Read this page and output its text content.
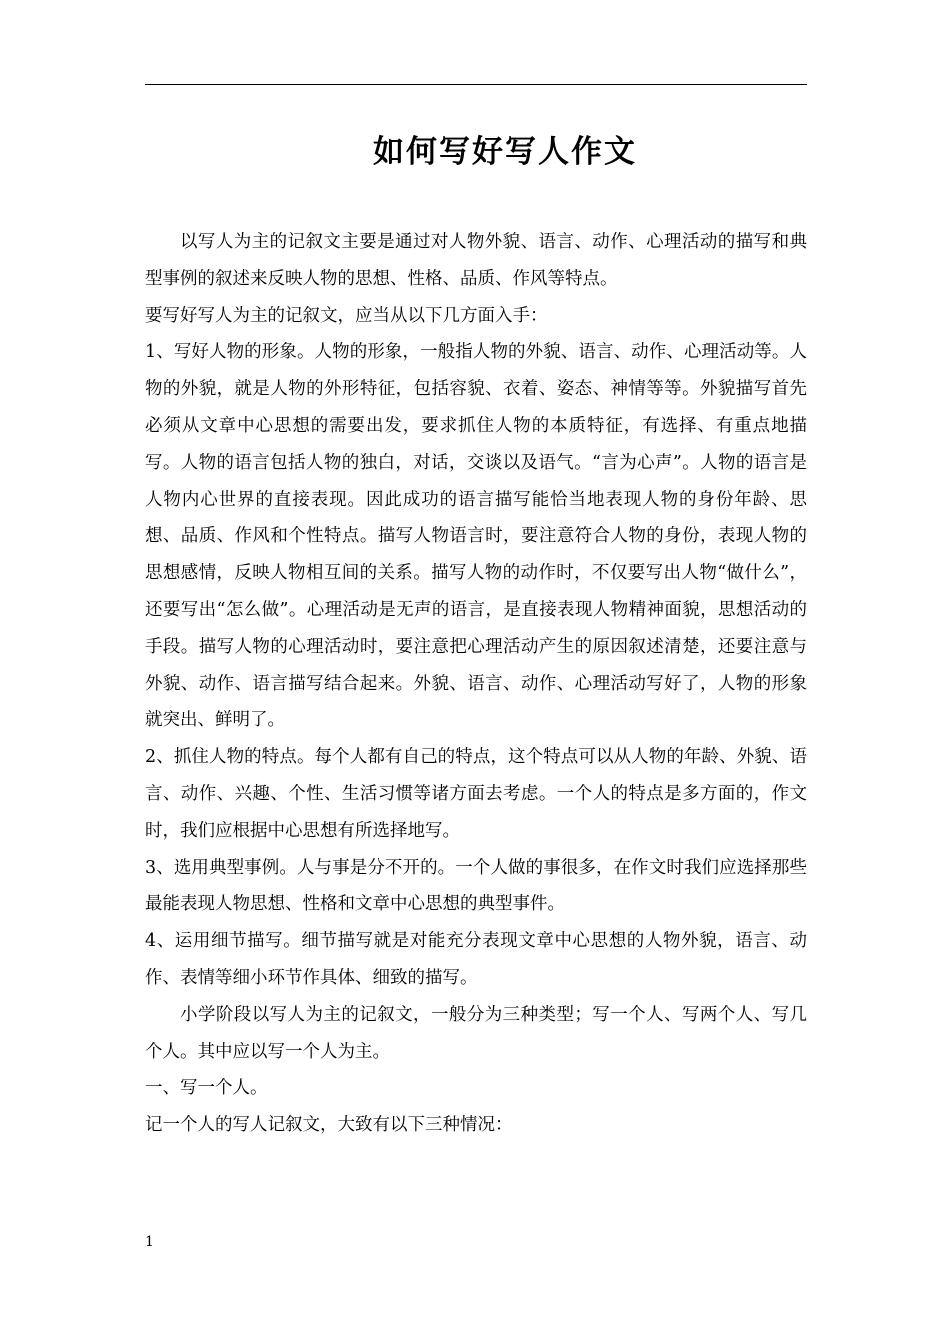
如何写好写人作文

以写人为主的记叙文主要是通过对人物外貌、语言、动作、心理活动的描写和典型事例的叙述来反映人物的思想、性格、品质、作风等特点。

要写好写人为主的记叙文，应当从以下几方面入手：

1、写好人物的形象。人物的形象，一般指人物的外貌、语言、动作、心理活动等。人物的外貌，就是人物的外形特征，包括容貌、衣着、姿态、神情等等。外貌描写首先必须从文章中心思想的需要出发，要求抓住人物的本质特征，有选择、有重点地描写。人物的语言包括人物的独白，对话，交谈以及语气。“言为心声”。人物的语言是人物内心世界的直接表现。因此成功的语言描写能恰当地表现人物的身份年龄、思想、品质、作风和个性特点。描写人物语言时，要注意符合人物的身份，表现人物的思想感情，反映人物相互间的关系。描写人物的动作时，不仅要写出人物“做什么”，还要写出“怎么做”。心理活动是无声的语言，是直接表现人物精神面貌，思想活动的手段。描写人物的心理活动时，要注意把心理活动产生的原因叙述清楚，还要注意与外貌、动作、语言描写结合起来。外貌、语言、动作、心理活动写好了，人物的形象就突出、鲜明了。

2、抓住人物的特点。每个人都有自己的特点，这个特点可以从人物的年龄、外貌、语言、动作、兴趣、个性、生活习惯等诸方面去考虑。一个人的特点是多方面的，作文时，我们应根据中心思想有所选择地写。

3、选用典型事例。人与事是分不开的。一个人做的事很多，在作文时我们应选择那些最能表现人物思想、性格和文章中心思想的典型事件。

4、运用细节描写。细节描写就是对能充分表现文章中心思想的人物外貌，语言、动作、表情等细小环节作具体、细致的描写。

小学阶段以写人为主的记叙文，一般分为三种类型；写一个人、写两个人、写几个人。其中应以写一个人为主。

一、写一个人。

记一个人的写人记叙文，大致有以下三种情况：

1
